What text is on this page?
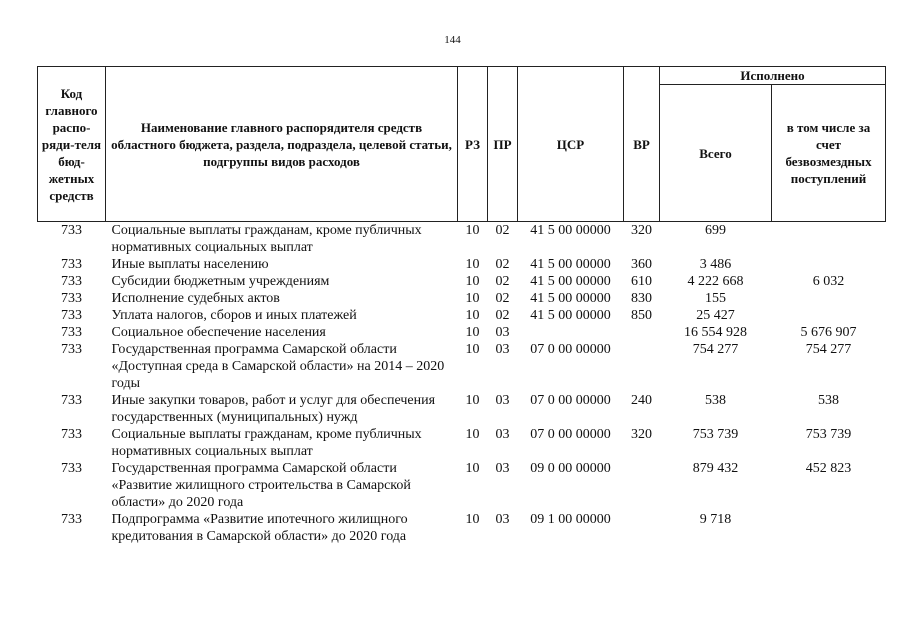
144
Код главного распо-ряди-теля бюд-жетных средств	Наименование главного распорядителя средств областного бюджета, раздела, подраздела, целевой статьи, подгруппы видов расходов	РЗ	ПР	ЦСР	ВР	Исполнено	
						Всего	в том числе за счет безвозмездных поступлений
733	Социальные выплаты гражданам, кроме публичных нормативных социальных выплат	10	02	41 5 00 00000	320	699	
733	Иные выплаты населению	10	02	41 5 00 00000	360	3 486	
733	Субсидии бюджетным учреждениям	10	02	41 5 00 00000	610	4 222 668	6 032
733	Исполнение судебных актов	10	02	41 5 00 00000	830	155	
733	Уплата налогов, сборов и иных платежей	10	02	41 5 00 00000	850	25 427	
733	Социальное обеспечение населения	10	03			16 554 928	5 676 907
733	Государственная программа Самарской области «Доступная среда в Самарской области» на 2014 – 2020 годы	10	03	07 0 00 00000		754 277	754 277
733	Иные закупки товаров, работ и услуг для обеспечения государственных (муниципальных) нужд	10	03	07 0 00 00000	240	538	538
733	Социальные выплаты гражданам, кроме публичных нормативных социальных выплат	10	03	07 0 00 00000	320	753 739	753 739
733	Государственная программа Самарской области «Развитие жилищного строительства в Самарской области» до 2020 года	10	03	09 0 00 00000		879 432	452 823
733	Подпрограмма «Развитие ипотечного жилищного кредитования в Самарской области» до 2020 года	10	03	09 1 00 00000		9 718	
